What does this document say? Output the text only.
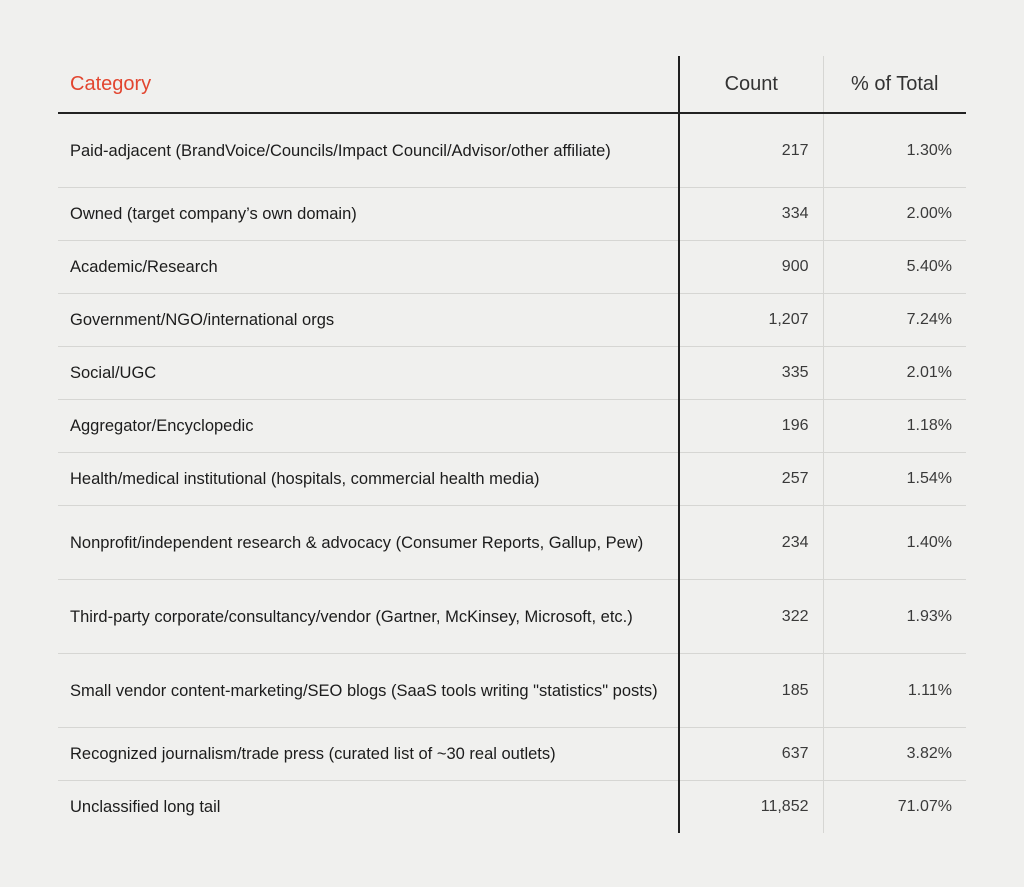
Category	Count	% of Total
Paid-adjacent (BrandVoice/Councils/Impact Council/Advisor/other affiliate)	217	1.30%
Owned (target company’s own domain)	334	2.00%
Academic/Research	900	5.40%
Government/NGO/international orgs	1,207	7.24%
Social/UGC	335	2.01%
Aggregator/Encyclopedic	196	1.18%
Health/medical institutional (hospitals, commercial health media)	257	1.54%
Nonprofit/independent research & advocacy (Consumer Reports, Gallup, Pew)	234	1.40%
Third-party corporate/consultancy/vendor (Gartner, McKinsey, Microsoft, etc.)	322	1.93%
Small vendor content-marketing/SEO blogs (SaaS tools writing "statistics" posts)	185	1.11%
Recognized journalism/trade press (curated list of ~30 real outlets)	637	3.82%
Unclassified long tail	11,852	71.07%
